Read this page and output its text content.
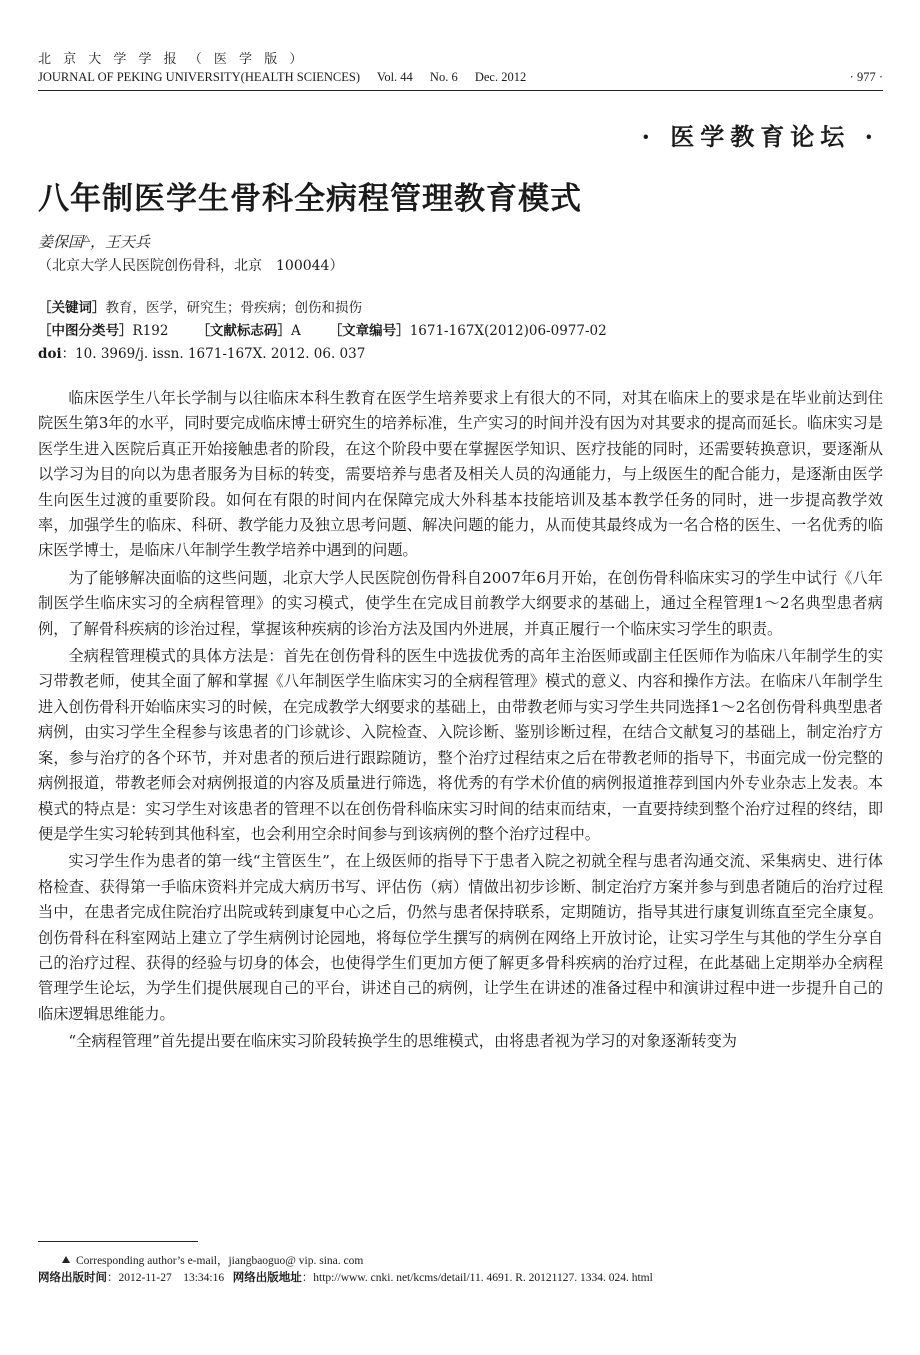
北 京 大 学 学 报 （ 医 学 版 ）
JOURNAL OF PEKING UNIVERSITY(HEALTH SCIENCES) Vol. 44 No. 6 Dec. 2012	· 977 ·
· 医学教育论坛 ·
八年制医学生骨科全病程管理教育模式
姜保国△，王天兵
（北京大学人民医院创伤骨科，北京　100044）
［关键词］教育，医学，研究生；骨疾病；创伤和损伤
［中图分类号］R192 ［文献标志码］A ［文章编号］1671-167X(2012)06-0977-02
doi：10. 3969/j. issn. 1671-167X. 2012. 06. 037

临床医学生八年长学制与以往临床本科生教育在医学生培养要求上有很大的不同，对其在临床上的要求是在毕业前达到住院医生第3年的水平，同时要完成临床博士研究生的培养标准，生产实习的时间并没有因为对其要求的提高而延长。临床实习是医学生进入医院后真正开始接触患者的阶段，在这个阶段中要在掌握医学知识、医疗技能的同时，还需要转换意识，要逐渐从以学习为目的向以为患者服务为目标的转变，需要培养与患者及相关人员的沟通能力，与上级医生的配合能力，是逐渐由医学生向医生过渡的重要阶段。如何在有限的时间内在保障完成大外科基本技能培训及基本教学任务的同时，进一步提高教学效率，加强学生的临床、科研、教学能力及独立思考问题、解决问题的能力，从而使其最终成为一名合格的医生、一名优秀的临床医学博士，是临床八年制学生教学培养中遇到的问题。

为了能够解决面临的这些问题，北京大学人民医院创伤骨科自2007年6月开始，在创伤骨科临床实习的学生中试行《八年制医学生临床实习的全病程管理》的实习模式，使学生在完成目前教学大纲要求的基础上，通过全程管理1～2名典型患者病例，了解骨科疾病的诊治过程，掌握该种疾病的诊治方法及国内外进展，并真正履行一个临床实习学生的职责。

全病程管理模式的具体方法是：首先在创伤骨科的医生中选拔优秀的高年主治医师或副主任医师作为临床八年制学生的实习带教老师，使其全面了解和掌握《八年制医学生临床实习的全病程管理》模式的意义、内容和操作方法。在临床八年制学生进入创伤骨科开始临床实习的时候，在完成教学大纲要求的基础上，由带教老师与实习学生共同选择1～2名创伤骨科典型患者病例，由实习学生全程参与该患者的门诊就诊、入院检查、入院诊断、鉴别诊断过程，在结合文献复习的基础上，制定治疗方案，参与治疗的各个环节，并对患者的预后进行跟踪随访，整个治疗过程结束之后在带教老师的指导下，书面完成一份完整的病例报道，带教老师会对病例报道的内容及质量进行筛选，将优秀的有学术价值的病例报道推荐到国内外专业杂志上发表。本模式的特点是：实习学生对该患者的管理不以在创伤骨科临床实习时间的结束而结束，一直要持续到整个治疗过程的终结，即便是学生实习轮转到其他科室，也会利用空余时间参与到该病例的整个治疗过程中。

实习学生作为患者的第一线“主管医生”，在上级医师的指导下于患者入院之初就全程与患者沟通交流、采集病史、进行体格检查、获得第一手临床资料并完成大病历书写、评估伤（病）情做出初步诊断、制定治疗方案并参与到患者随后的治疗过程当中，在患者完成住院治疗出院或转到康复中心之后，仍然与患者保持联系，定期随访，指导其进行康复训练直至完全康复。创伤骨科在科室网站上建立了学生病例讨论园地，将每位学生撰写的病例在网络上开放讨论，让实习学生与其他的学生分享自己的治疗过程、获得的经验与切身的体会，也使得学生们更加方便了解更多骨科疾病的治疗过程，在此基础上定期举办全病程管理学生论坛，为学生们提供展现自己的平台，讲述自己的病例，让学生在讲述的准备过程中和演讲过程中进一步提升自己的临床逻辑思维能力。

“全病程管理”首先提出要在临床实习阶段转换学生的思维模式，由将患者视为学习的对象逐渐转变为

Corresponding author’s e-mail，jiangbaoguo@ vip. sina. com
网络出版时间：2012-11-27　13:34:16 网络出版地址：http://www. cnki. net/kcms/detail/11. 4691. R. 20121127. 1334. 024. html
